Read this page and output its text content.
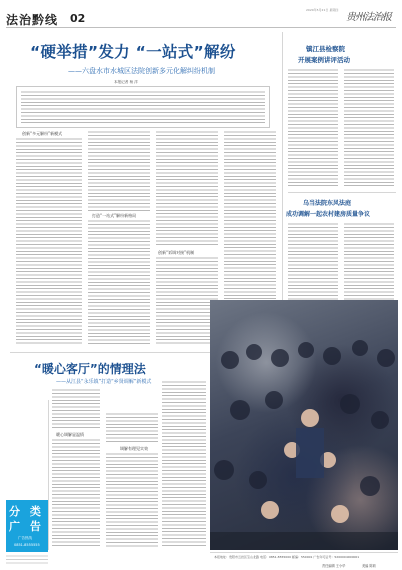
法治黔线 02
2020年5月21日 星期四
贵州法治报
“硬举措”发力 “一站式”解纷
——六盘水市水城区法院创新多元化解纠纷机制
本报记者 杨 洋
创新“多元解纷”新模式
打造“一站式”解纷新格局
创新“诉调对接”机制
镇江县检察院
开展案例讲评活动
乌当法院东风法庭
成功调解一起农村建房质量争议
“暖心客厅”的情理法
——从江县“永乐镇”打造“乡贤调解”新模式
暖心调解显温情
调解有理见实效
分 类
广 告
广告热线
0851-8555555
本报地址：贵阳市云岩区宝山北路 电话：0851-8555000 邮编：550001 广告许可证号：5200004000001
责任编辑 王小华	美编 陈莉
